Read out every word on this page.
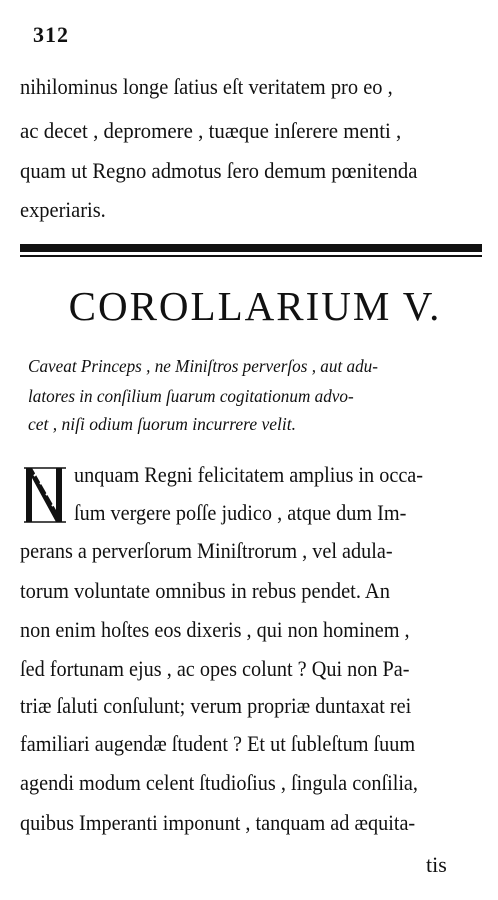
312
nihilominus longe ſatius eſt veritatem pro eo ,
ac decet , depromere , tuæque inſerere menti ,
quam ut Regno admotus ſero demum pœnitenda
experiaris.
COROLLARIUM V.
Caveat Princeps , ne Miniſtros perverſos , aut adu-
latores in conſilium ſuarum cogitationum advo-
cet , niſi odium ſuorum incurrere velit.
unquam Regni felicitatem amplius in occa-
ſum vergere poſſe judico , atque dum Im-
perans a perverſorum Miniſtrorum , vel adula-
torum voluntate omnibus in rebus pendet. An
non enim hoſtes eos dixeris , qui non hominem ,
ſed fortunam ejus , ac opes colunt ? Qui non Pa-
triæ ſaluti conſulunt; verum propriæ duntaxat rei
familiari augendæ ſtudent ? Et ut ſubleſtum ſuum
agendi modum celent ſtudioſius , ſingula conſilia,
quibus Imperanti imponunt , tanquam ad æquita-
tis
